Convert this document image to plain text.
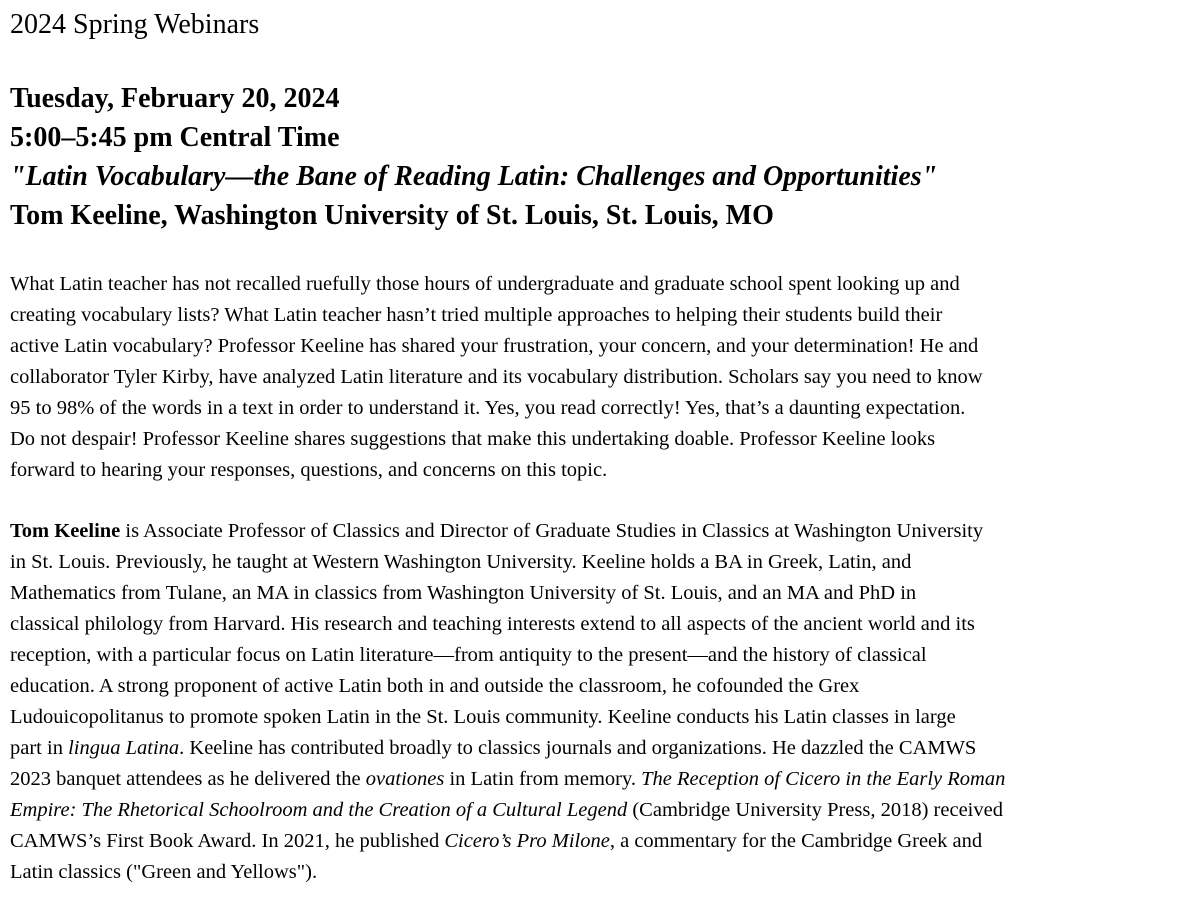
2024 Spring Webinars
Tuesday, February 20, 2024
5:00–5:45 pm Central Time
"Latin Vocabulary—the Bane of Reading Latin: Challenges and Opportunities"
Tom Keeline, Washington University of St. Louis, St. Louis, MO

What Latin teacher has not recalled ruefully those hours of undergraduate and graduate school spent looking up and
creating vocabulary lists? What Latin teacher hasn’t tried multiple approaches to helping their students build their
active Latin vocabulary? Professor Keeline has shared your frustration, your concern, and your determination! He and
collaborator Tyler Kirby, have analyzed Latin literature and its vocabulary distribution. Scholars say you need to know
95 to 98% of the words in a text in order to understand it. Yes, you read correctly! Yes, that’s a daunting expectation.
Do not despair! Professor Keeline shares suggestions that make this undertaking doable. Professor Keeline looks
forward to hearing your responses, questions, and concerns on this topic.

Tom Keeline is Associate Professor of Classics and Director of Graduate Studies in Classics at Washington University
in St. Louis. Previously, he taught at Western Washington University. Keeline holds a BA in Greek, Latin, and
Mathematics from Tulane, an MA in classics from Washington University of St. Louis, and an MA and PhD in
classical philology from Harvard. His research and teaching interests extend to all aspects of the ancient world and its
reception, with a particular focus on Latin literature—from antiquity to the present—and the history of classical
education. A strong proponent of active Latin both in and outside the classroom, he cofounded the Grex
Ludouicopolitanus to promote spoken Latin in the St. Louis community. Keeline conducts his Latin classes in large
part in lingua Latina. Keeline has contributed broadly to classics journals and organizations. He dazzled the CAMWS
2023 banquet attendees as he delivered the ovationes in Latin from memory. The Reception of Cicero in the Early Roman
Empire: The Rhetorical Schoolroom and the Creation of a Cultural Legend (Cambridge University Press, 2018) received
CAMWS’s First Book Award. In 2021, he published Cicero’s Pro Milone, a commentary for the Cambridge Greek and
Latin classics ("Green and Yellows").
